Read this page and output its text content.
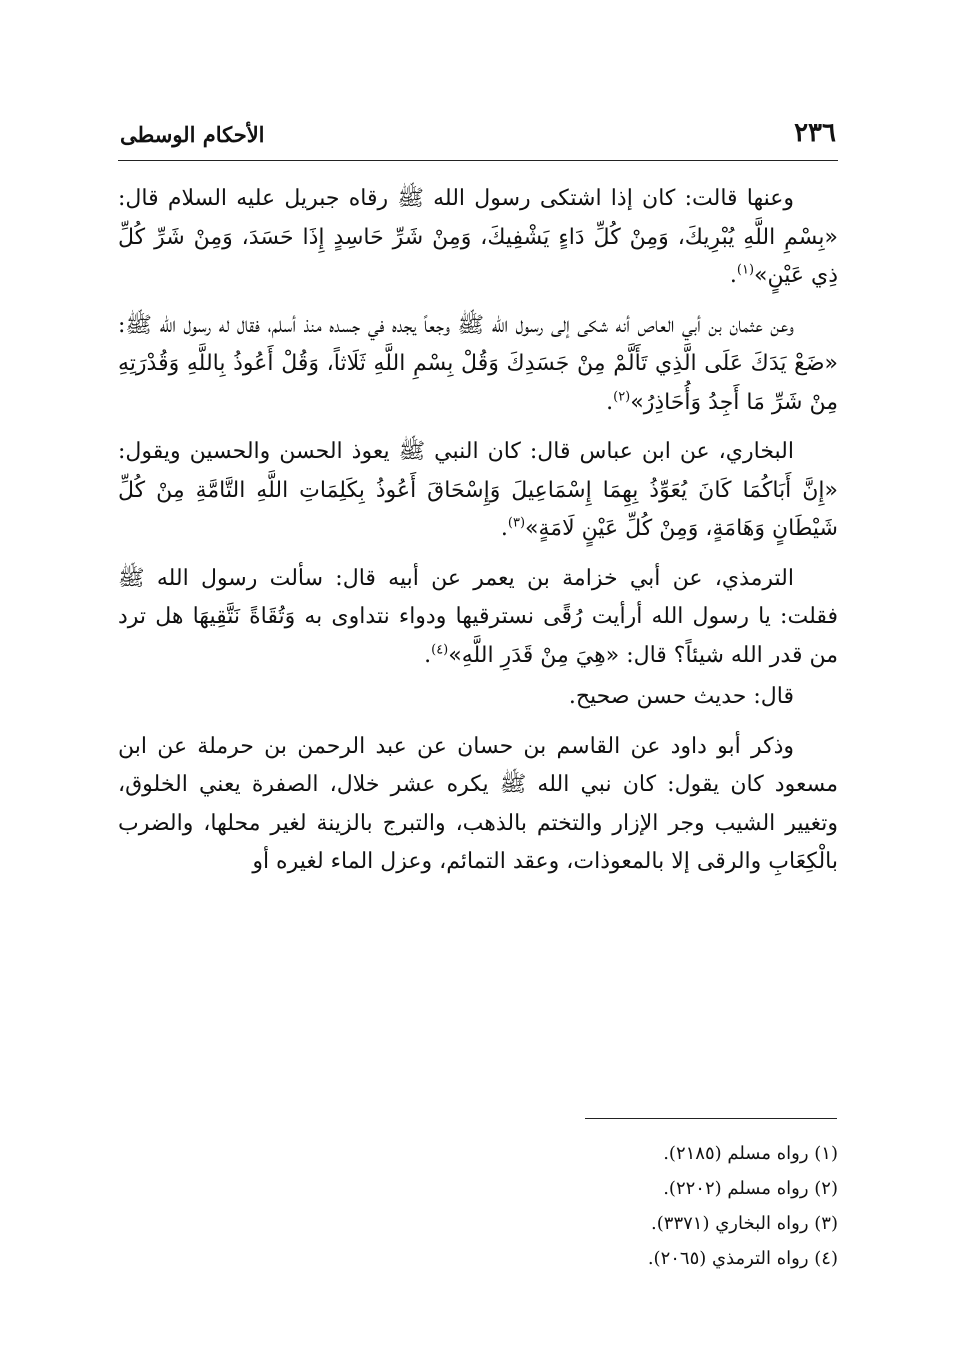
٢٣٦
الأحكام الوسطى

وعنها قالت: كان إذا اشتكى رسول الله ﷺ رقاه جبريل عليه السلام قال: «بِسْمِ اللَّهِ يُبْرِيكَ، وَمِنْ كُلِّ دَاءٍ يَشْفِيكَ، وَمِنْ شَرِّ حَاسِدٍ إِذَا حَسَدَ، وَمِنْ شَرِّ كُلِّ ذِي عَيْنٍ»$^{(١)}$.

وعن عثمان بن أبي العاص أنه شكى إلى رسول الله ﷺ وجعاً يجده في جسده منذ أسلم، فقال له رسول الله ﷺ: «ضَعْ يَدَكَ عَلَى الَّذِي تَأَلَّمْ مِنْ جَسَدِكَ وَقُلْ بِسْمِ اللَّهِ ثَلَاثاً، وَقُلْ أَعُوذُ بِاللَّهِ وَقُدْرَتِهِ مِنْ شَرِّ مَا أَجِدُ وَأُحَاذِرُ»$^{(٢)}$.

البخاري، عن ابن عباس قال: كان النبي ﷺ يعوذ الحسن والحسين ويقول: «إِنَّ أَبَاكُمَا كَانَ يُعَوِّذُ بِهِمَا إِسْمَاعِيلَ وَإِسْحَاقَ أَعُوذُ بِكَلِمَاتِ اللَّهِ التَّامَّةِ مِنْ كُلِّ شَيْطَانٍ وَهَامَةٍ، وَمِنْ كُلِّ عَيْنٍ لَامَةٍ»$^{(٣)}$.

الترمذي، عن أبي خزامة بن يعمر عن أبيه قال: سألت رسول الله ﷺ فقلت: يا رسول الله أرأيت رُقًى نسترقيها ودواء نتداوى به وَتُقَاةً نَتَّقِيهَا هل ترد من قدر الله شيئاً؟ قال: «هِيَ مِنْ قَدَرِ اللَّهِ»$^{(٤)}$.

قال: حديث حسن صحيح.

وذكر أبو داود عن القاسم بن حسان عن عبد الرحمن بن حرملة عن ابن مسعود كان يقول: كان نبي الله ﷺ يكره عشر خلال، الصفرة يعني الخلوق، وتغيير الشيب وجر الإزار والتختم بالذهب، والتبرج بالزينة لغير محلها، والضرب بالْكِعَابِ والرقى إلا بالمعوذات، وعقد التمائم، وعزل الماء لغيره أو

(١) رواه مسلم (٢١٨٥).
(٢) رواه مسلم (٢٢٠٢).
(٣) رواه البخاري (٣٣٧١).
(٤) رواه الترمذي (٢٠٦٥).
